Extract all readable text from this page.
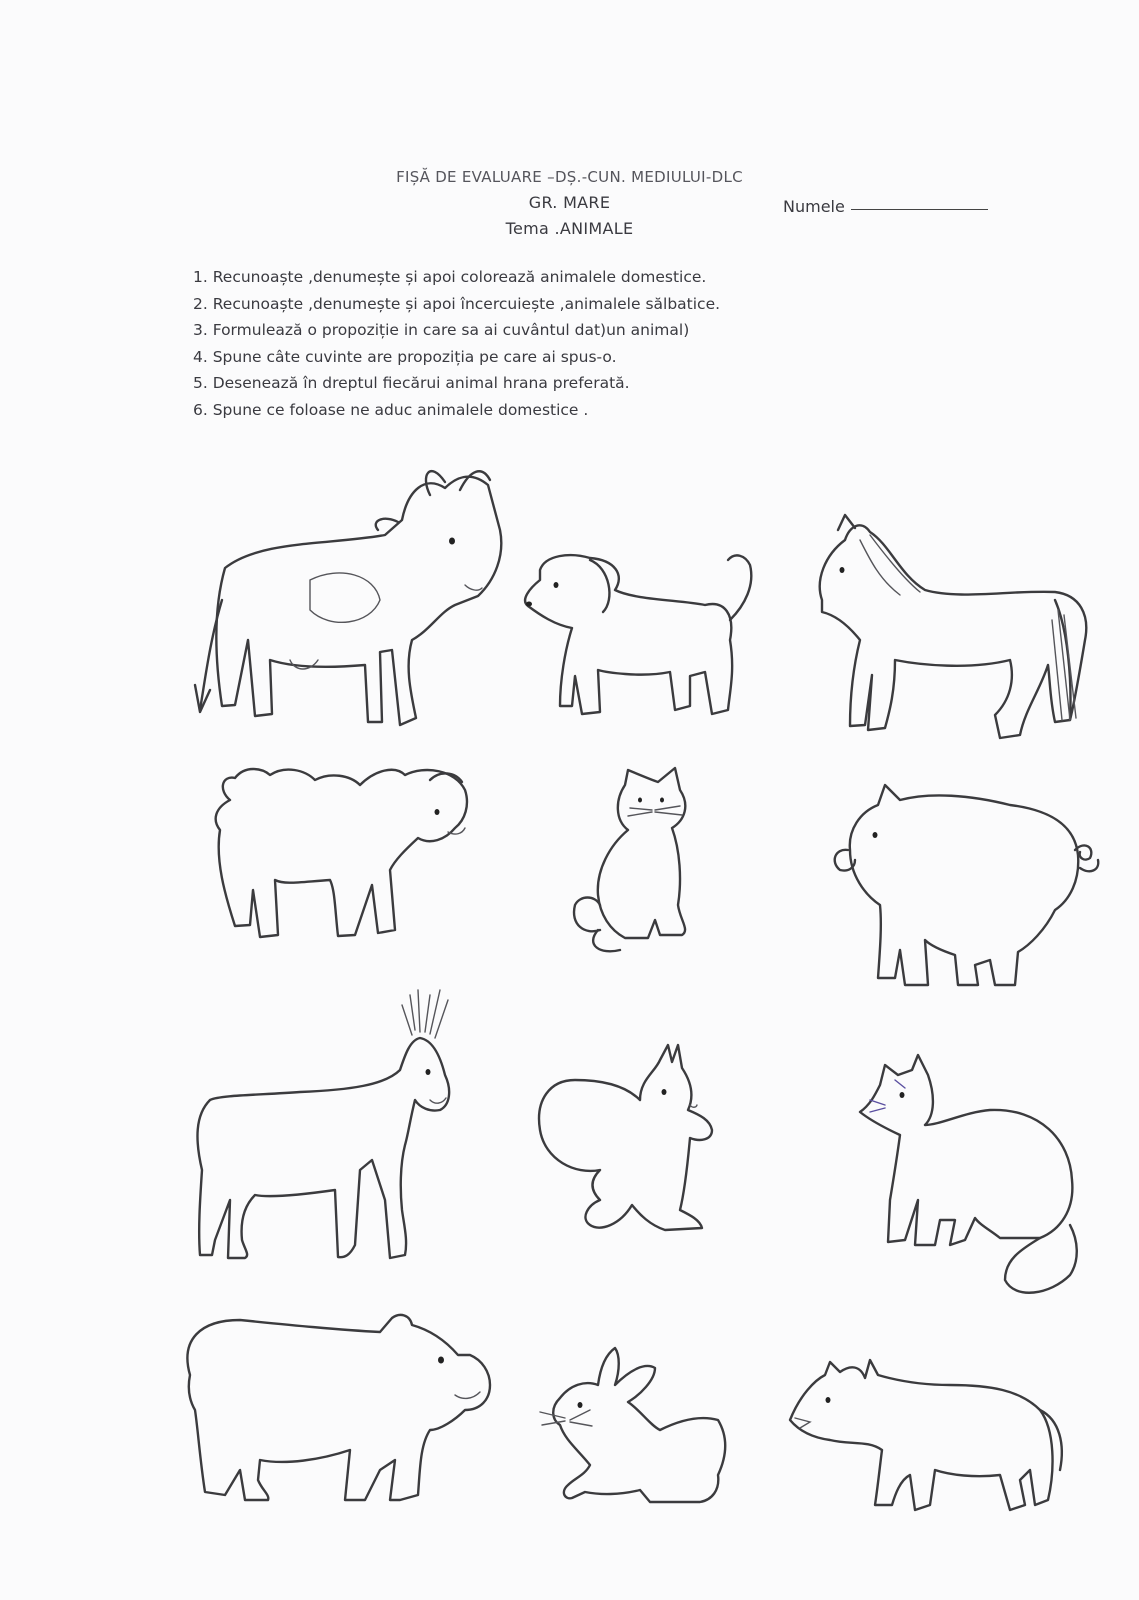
FIȘĂ DE EVALUARE –DȘ.-CUN. MEDIULUI-DLC
GR. MARE
Tema .ANIMALE
Numele
1. Recunoaște ,denumește și apoi colorează animalele domestice.
2. Recunoaște ,denumește și apoi încercuiește ,animalele sălbatice.
3. Formulează o propoziție in care sa ai cuvântul dat)un animal)
4. Spune câte cuvinte are propoziția pe care ai spus-o.
5. Desenează în dreptul fiecărui animal hrana preferată.
6. Spune ce foloase ne aduc animalele domestice .
